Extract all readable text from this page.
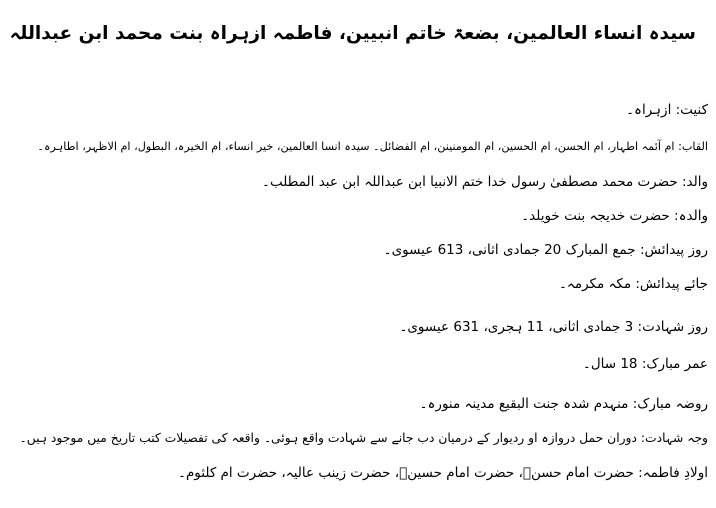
سیدہ انساء العالمین، بضعۃ خاتم انبیین، فاطمہ ازہراہ بنت محمد ابن عبداللہ
کنیت: ازہراہ۔
القاب: ام آئمہ اطہار، ام الحسن، ام الحسین، ام المومنینن، ام الفضائل۔ سیدہ انسا العالمین، خیر انساء، ام الخیرہ، البطول، ام الاظہر، اطاہرہ۔
والد: حضرت محمد مصطفیٰ رسول خدا ختم الانبیا ابن عبداللہ ابن عبد المطلب۔
والدہ: حضرت خدیجہ بنت خویلد۔
روز پیدائش: جمع المبارک 20 جمادی اثانی، 613 عیسوی۔
جائے پیدائش: مکہ مکرمہ۔
روز شہادت: 3 جمادی اثانی، 11 ہجری، 631 عیسوی۔
عمر مبارک: 18 سال۔
روضہ مبارک: منہدم شدہ جنت البقیع مدینہ منورہ۔
وجہ شہادت: دوران حمل دروازہ او ردیوار کے درمیان دب جانے سے شہادت واقع ہوئی۔ واقعہ کی تفصیلات کتب تاریخ میں موجود ہیں۔
اولادِ فاطمہ: حضرت امام حسنؑ، حضرت امام حسینؑ، حضرت زینب عالیہ، حضرت ام کلثوم۔
